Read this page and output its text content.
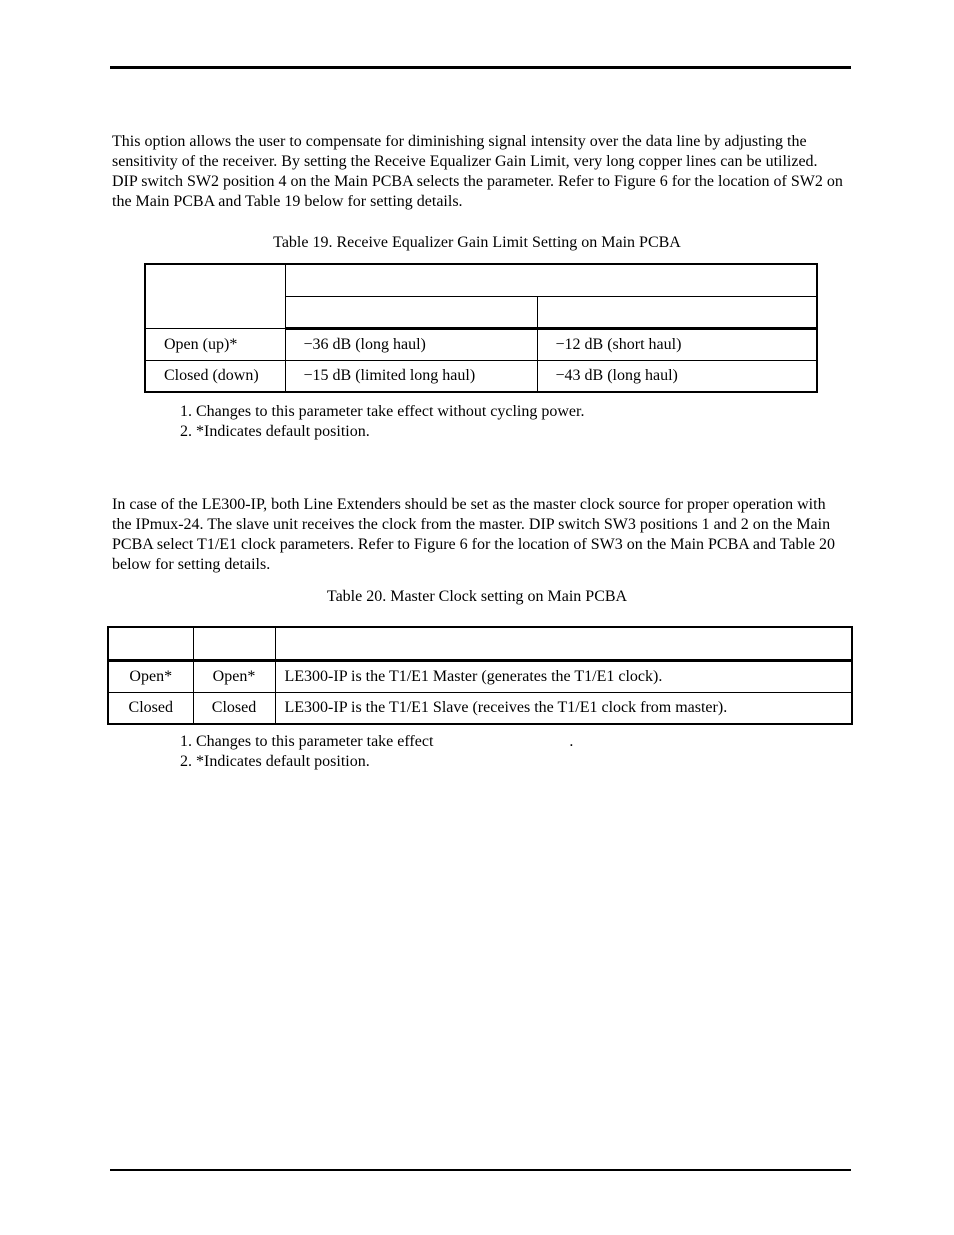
This option allows the user to compensate for diminishing signal intensity over the data line by adjusting the sensitivity of the receiver. By setting the Receive Equalizer Gain Limit, very long copper lines can be utilized. DIP switch SW2 position 4 on the Main PCBA selects the parameter. Refer to Figure 6 for the location of SW2 on the Main PCBA and Table 19 below for setting details.

Table 19. Receive Equalizer Gain Limit Setting on Main PCBA

Open (up)*	−36 dB (long haul)	−12 dB (short haul)
Closed (down)	−15 dB (limited long haul)	−43 dB (long haul)
1. Changes to this parameter take effect without cycling power.
2. *Indicates default position.

In case of the LE300-IP, both Line Extenders should be set as the master clock source for proper operation with the IPmux-24. The slave unit receives the clock from the master. DIP switch SW3 positions 1 and 2 on the Main PCBA select T1/E1 clock parameters. Refer to Figure 6 for the location of SW3 on the Main PCBA and Table 20 below for setting details.

Table 20. Master Clock setting on Main PCBA

Open*	Open*	LE300-IP is the T1/E1 Master (generates the T1/E1 clock).
Closed	Closed	LE300-IP is the T1/E1 Slave (receives the T1/E1 clock from master).
1. Changes to this parameter take effect	.
2. *Indicates default position.
